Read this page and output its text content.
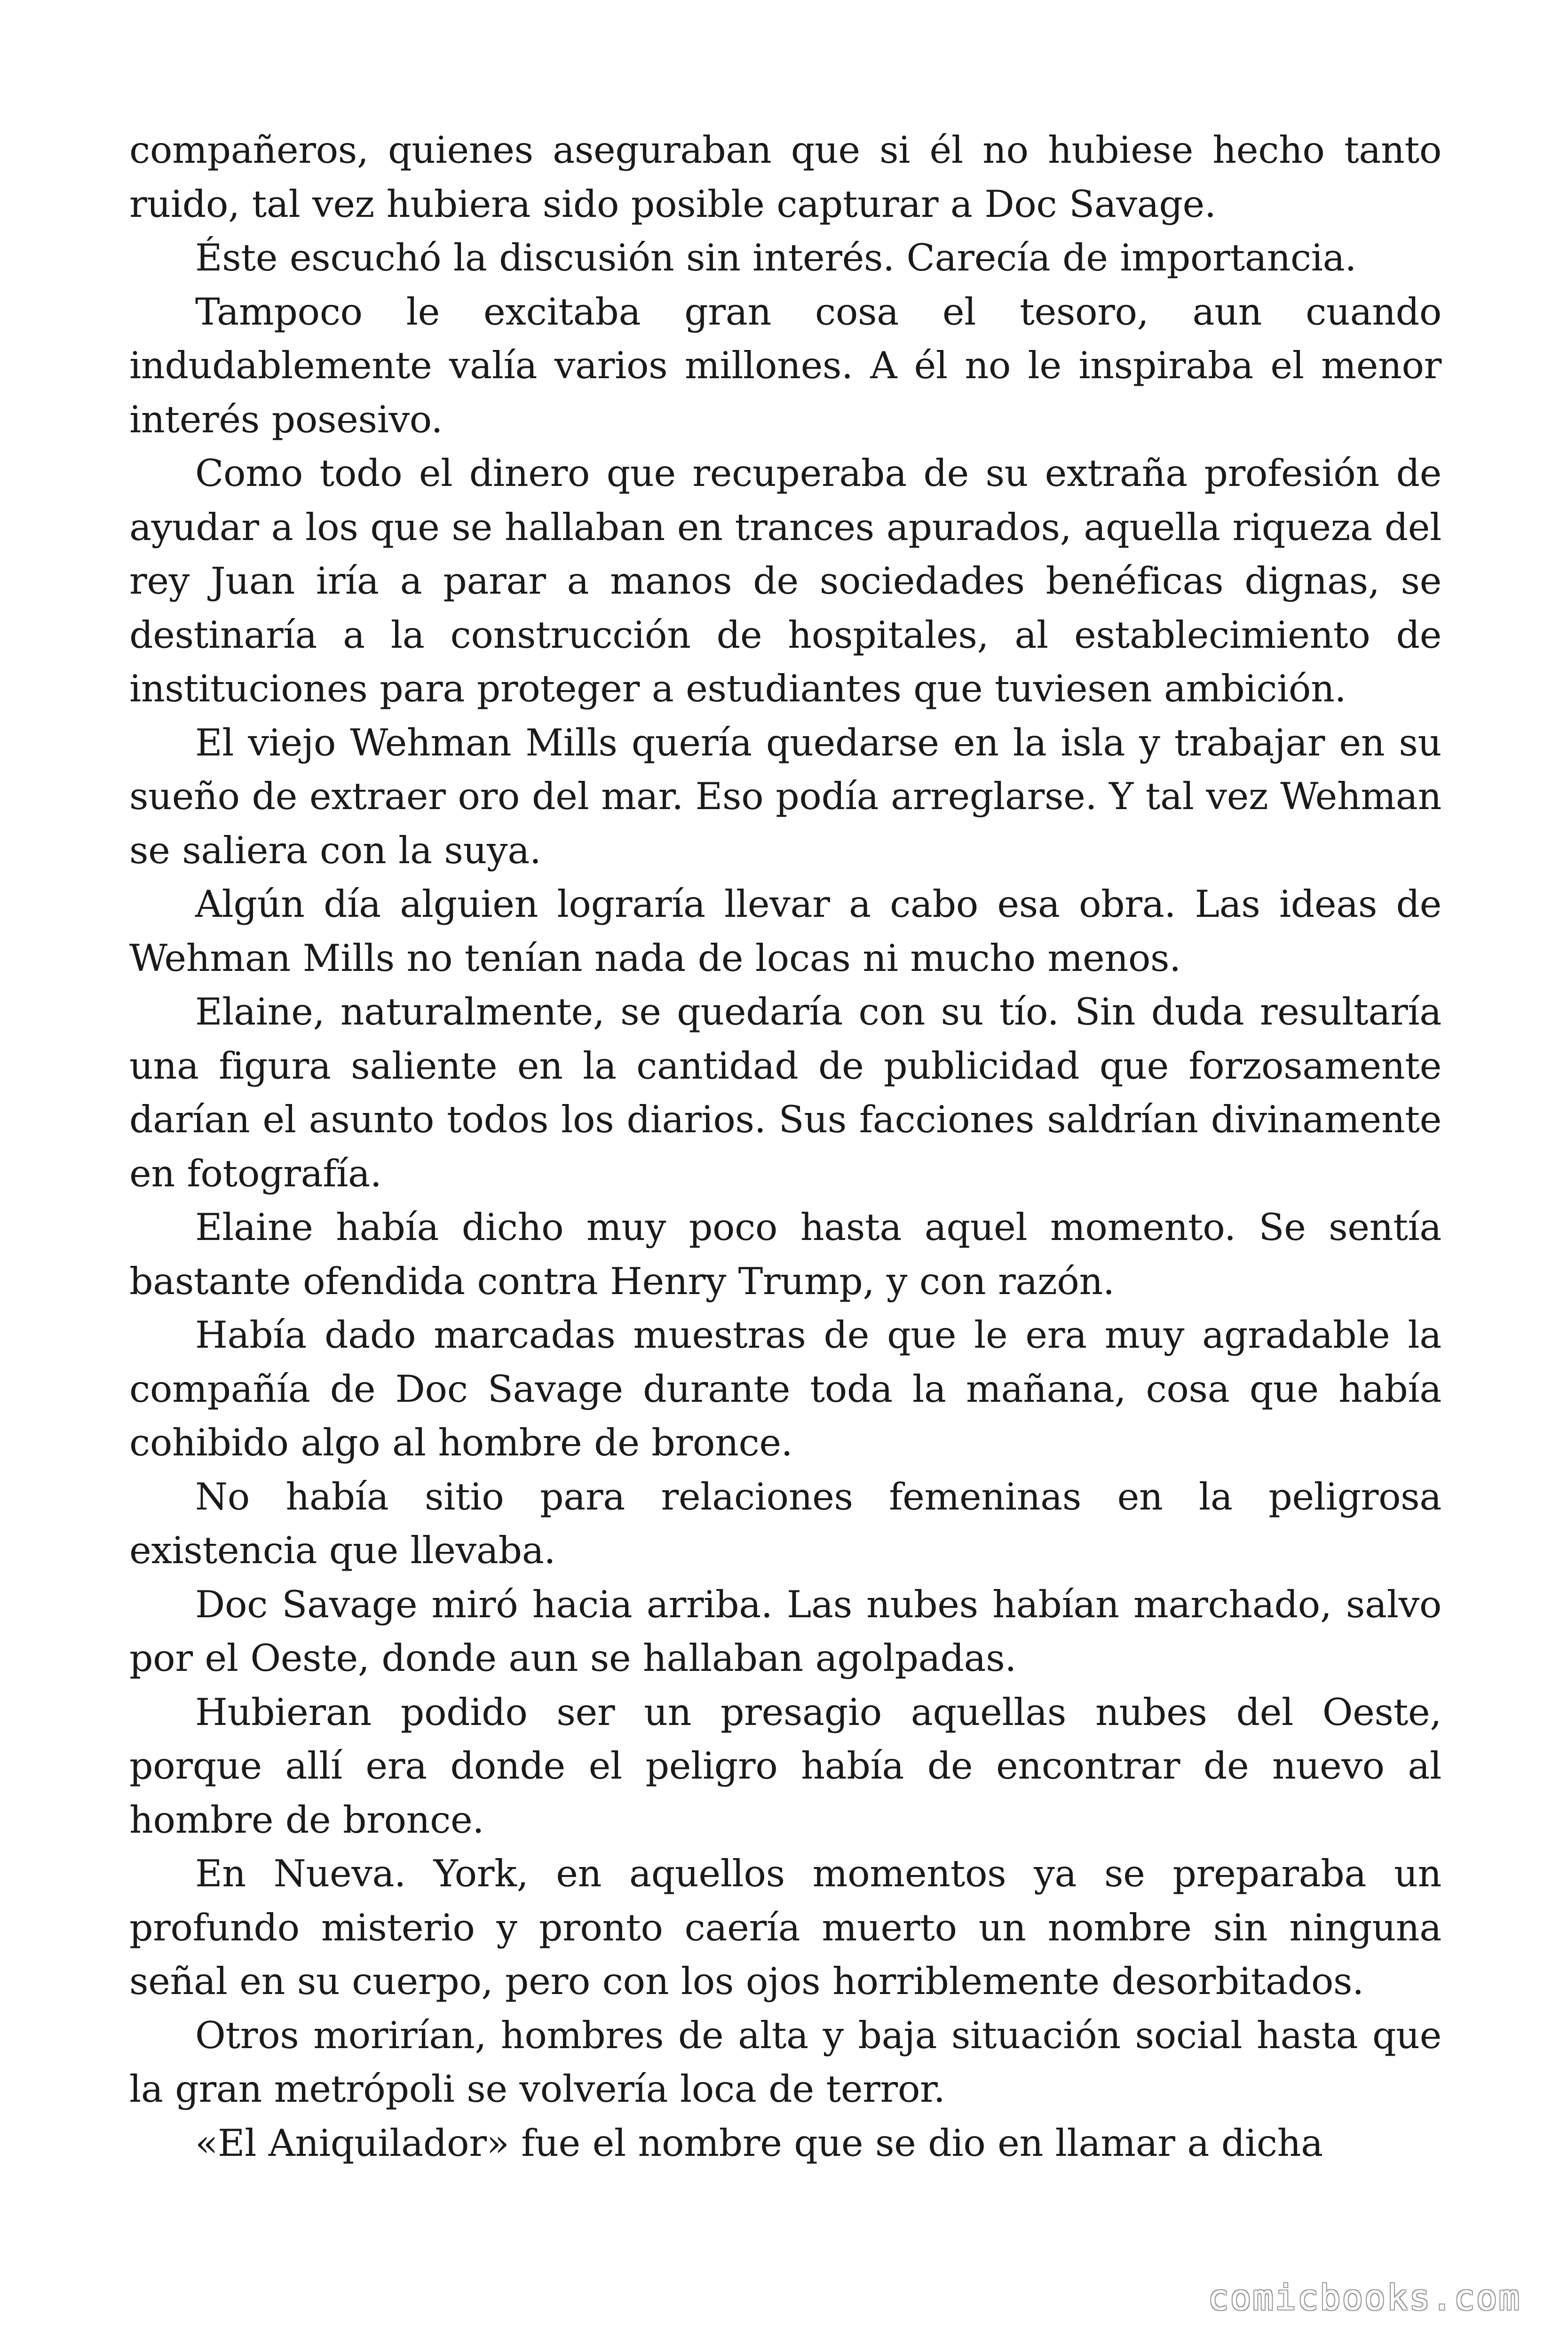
compañeros, quienes aseguraban que si él no hubiese hecho tanto ruido, tal vez hubiera sido posible capturar a Doc Savage.

Éste escuchó la discusión sin interés. Carecía de importancia.

Tampoco le excitaba gran cosa el tesoro, aun cuando indudablemente valía varios millones. A él no le inspiraba el menor interés posesivo.

Como todo el dinero que recuperaba de su extraña profesión de ayudar a los que se hallaban en trances apurados, aquella riqueza del rey Juan iría a parar a manos de sociedades benéficas dignas, se destinaría a la construcción de hospitales, al establecimiento de instituciones para proteger a estudiantes que tuviesen ambición.

El viejo Wehman Mills quería quedarse en la isla y trabajar en su sueño de extraer oro del mar. Eso podía arreglarse. Y tal vez Wehman se saliera con la suya.

Algún día alguien lograría llevar a cabo esa obra. Las ideas de Wehman Mills no tenían nada de locas ni mucho menos.

Elaine, naturalmente, se quedaría con su tío. Sin duda resultaría una figura saliente en la cantidad de publicidad que forzosamente darían el asunto todos los diarios. Sus facciones saldrían divinamente en fotografía.

Elaine había dicho muy poco hasta aquel momento. Se sentía bastante ofendida contra Henry Trump, y con razón.

Había dado marcadas muestras de que le era muy agradable la compañía de Doc Savage durante toda la mañana, cosa que había cohibido algo al hombre de bronce.

No había sitio para relaciones femeninas en la peligrosa existencia que llevaba.

Doc Savage miró hacia arriba. Las nubes habían marchado, salvo por el Oeste, donde aun se hallaban agolpadas.

Hubieran podido ser un presagio aquellas nubes del Oeste, porque allí era donde el peligro había de encontrar de nuevo al hombre de bronce.

En Nueva. York, en aquellos momentos ya se preparaba un profundo misterio y pronto caería muerto un nombre sin ninguna señal en su cuerpo, pero con los ojos horriblemente desorbitados.

Otros morirían, hombres de alta y baja situación social hasta que la gran metrópoli se volvería loca de terror.

«El Aniquilador» fue el nombre que se dio en llamar a dicha

comicbooks.com
